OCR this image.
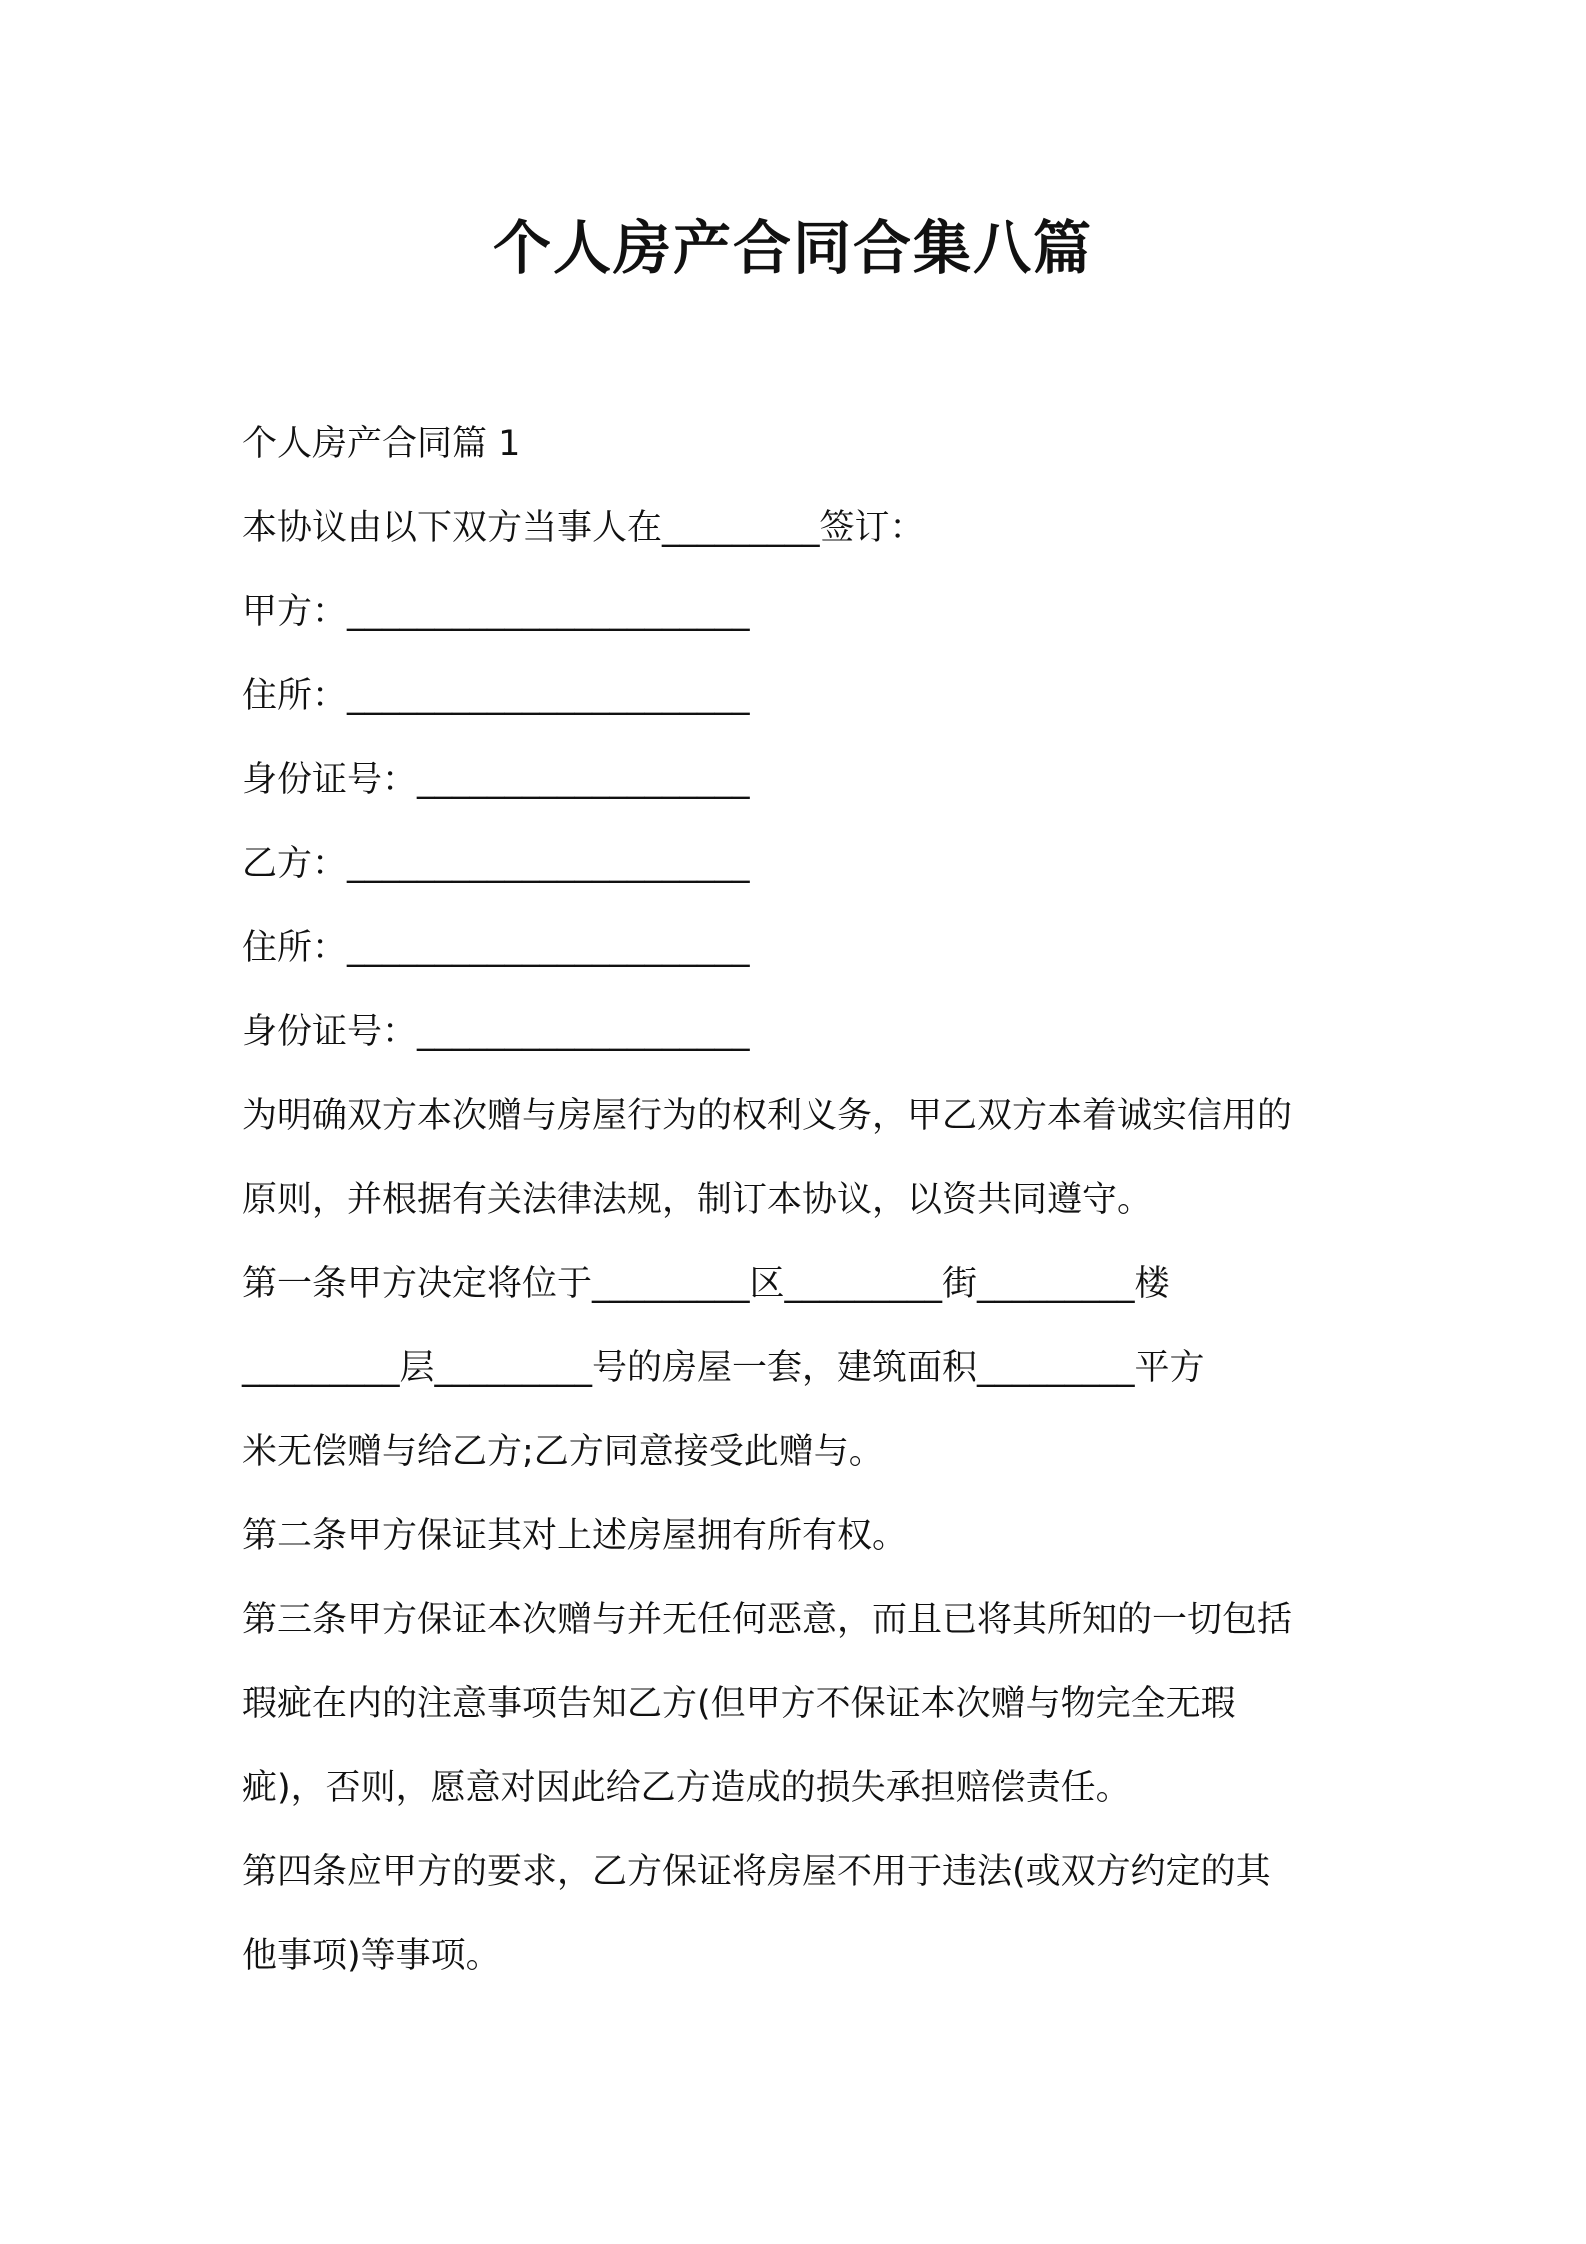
个人房产合同合集八篇
个人房产合同篇 1
本协议由以下双方当事人在_________签订：
甲方：_______________________
住所：_______________________
身份证号：___________________
乙方：_______________________
住所：_______________________
身份证号：___________________
为明确双方本次赠与房屋行为的权利义务，甲乙双方本着诚实信用的
原则，并根据有关法律法规，制订本协议，以资共同遵守。
第一条甲方决定将位于_________区_________街_________楼
_________层_________号的房屋一套，建筑面积_________平方
米无偿赠与给乙方;乙方同意接受此赠与。
第二条甲方保证其对上述房屋拥有所有权。
第三条甲方保证本次赠与并无任何恶意，而且已将其所知的一切包括
瑕疵在内的注意事项告知乙方(但甲方不保证本次赠与物完全无瑕
疵)，否则，愿意对因此给乙方造成的损失承担赔偿责任。
第四条应甲方的要求，乙方保证将房屋不用于违法(或双方约定的其
他事项)等事项。
